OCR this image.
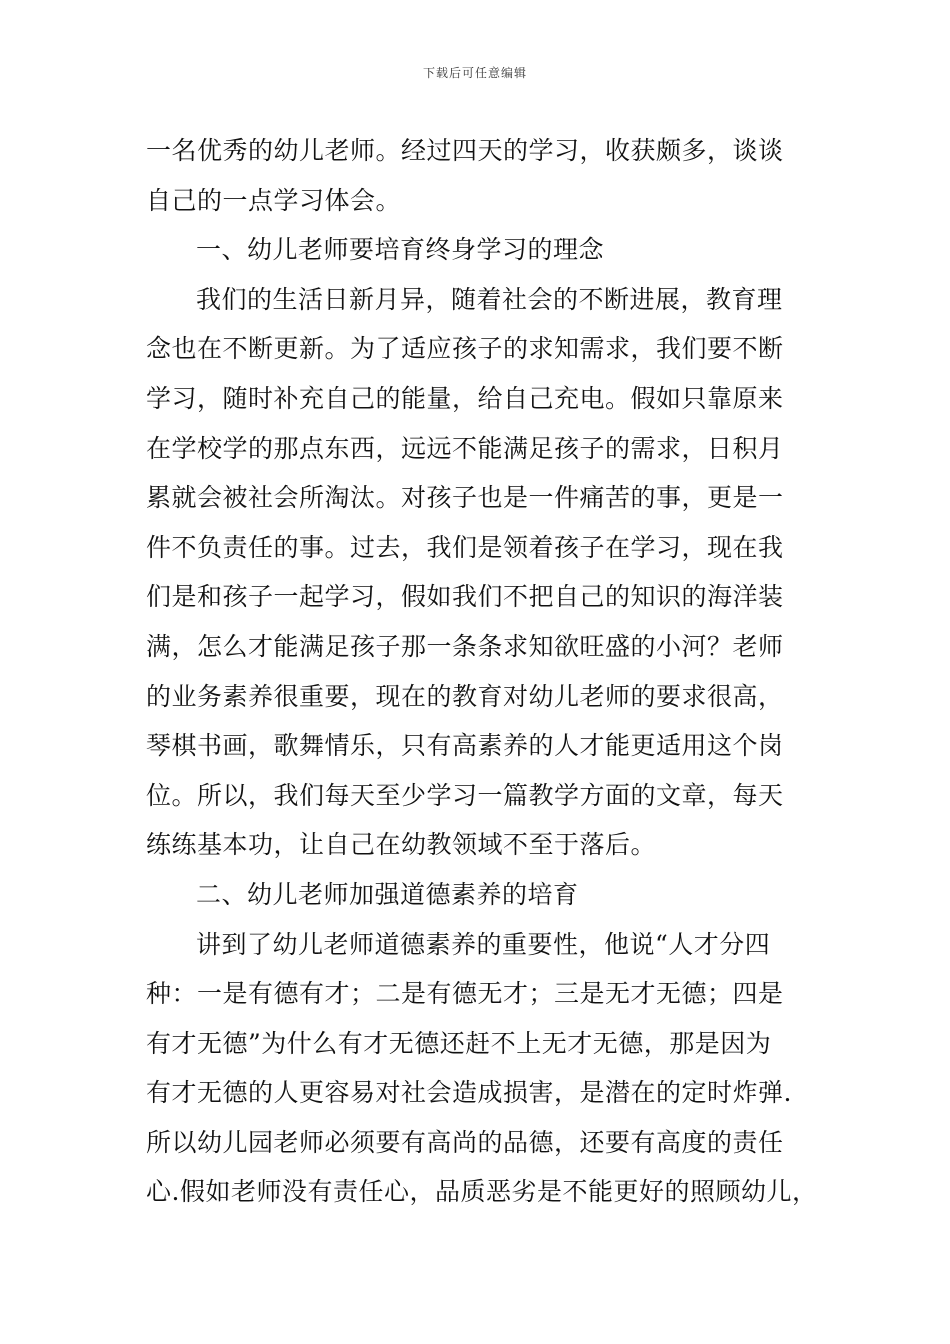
下载后可任意编辑
一名优秀的幼儿老师。经过四天的学习，收获颇多，谈谈
自己的一点学习体会。
一、幼儿老师要培育终身学习的理念
我们的生活日新月异，随着社会的不断进展，教育理
念也在不断更新。为了适应孩子的求知需求，我们要不断
学习，随时补充自己的能量，给自己充电。假如只靠原来
在学校学的那点东西，远远不能满足孩子的需求，日积月
累就会被社会所淘汰。对孩子也是一件痛苦的事，更是一
件不负责任的事。过去，我们是领着孩子在学习，现在我
们是和孩子一起学习，假如我们不把自己的知识的海洋装
满，怎么才能满足孩子那一条条求知欲旺盛的小河？老师
的业务素养很重要，现在的教育对幼儿老师的要求很高，
琴棋书画，歌舞情乐，只有高素养的人才能更适用这个岗
位。所以，我们每天至少学习一篇教学方面的文章，每天
练练基本功，让自己在幼教领域不至于落后。
二、幼儿老师加强道德素养的培育
讲到了幼儿老师道德素养的重要性，他说“人才分四
种：一是有德有才；二是有德无才；三是无才无德；四是
有才无德”为什么有才无德还赶不上无才无德，那是因为
有才无德的人更容易对社会造成损害，是潜在的定时炸弹.
所以幼儿园老师必须要有高尚的品德，还要有高度的责任
心.假如老师没有责任心，品质恶劣是不能更好的照顾幼儿，
